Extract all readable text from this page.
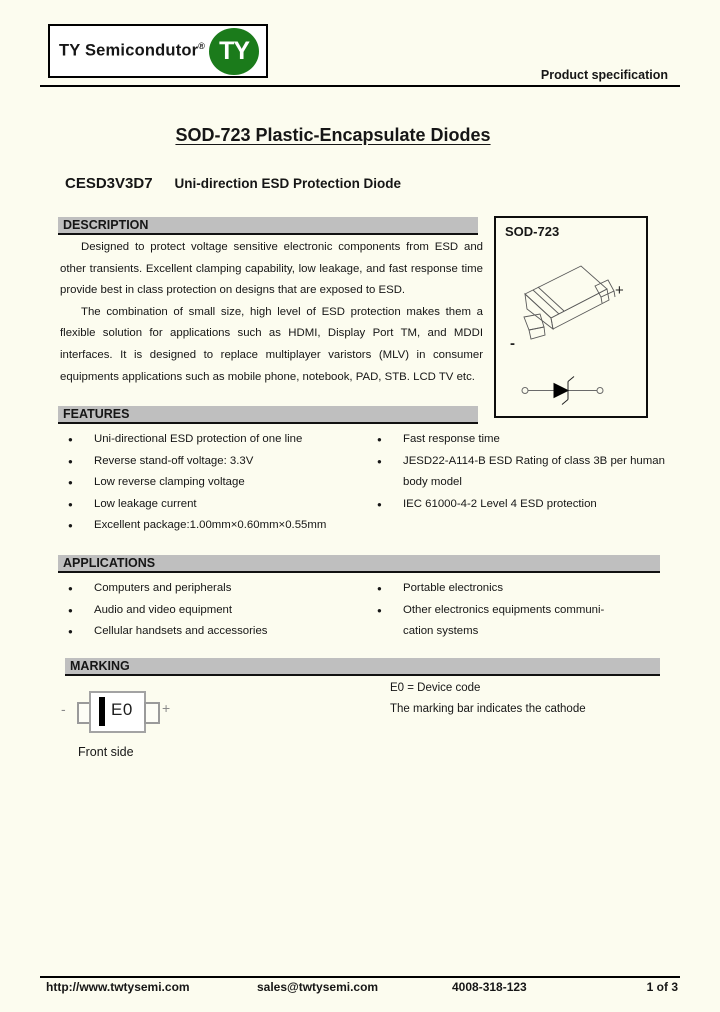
TY Semicondutor® TY
Product specification
SOD-723 Plastic-Encapsulate Diodes
CESD3V3D7 Uni-direction ESD Protection Diode
DESCRIPTION

Designed to protect voltage sensitive electronic components from ESD and other transients. Excellent clamping capability, low leakage, and fast response time provide best in class protection on designs that are exposed to ESD.

The combination of small size, high level of ESD protection makes them a flexible solution for applications such as HDMI, Display Port TM, and MDDI interfaces. It is designed to replace multiplayer varistors (MLV) in consumer equipments applications such as mobile phone, notebook, PAD, STB. LCD TV etc.

SOD-723
+
-
FEATURES
●	Uni-directional ESD protection of one line
●	Reverse stand-off voltage: 3.3V
●	Low reverse clamping voltage
●	Low leakage current
●	Excellent package:1.00mm×0.60mm×0.55mm
●	Fast response time
●	JESD22-A114-B ESD Rating of class 3B per human
body model
●	IEC 61000-4-2 Level 4 ESD protection
APPLICATIONS
●	Computers and peripherals
●	Audio and video equipment
●	Cellular handsets and accessories
●	Portable electronics
●	Other electronics equipments communi-
cation systems
MARKING
-	E0 +
Front side
E0 = Device code
The marking bar indicates the cathode
http://www.twtysemi.com	sales@twtysemi.com	4008-318-123	1 of 3
